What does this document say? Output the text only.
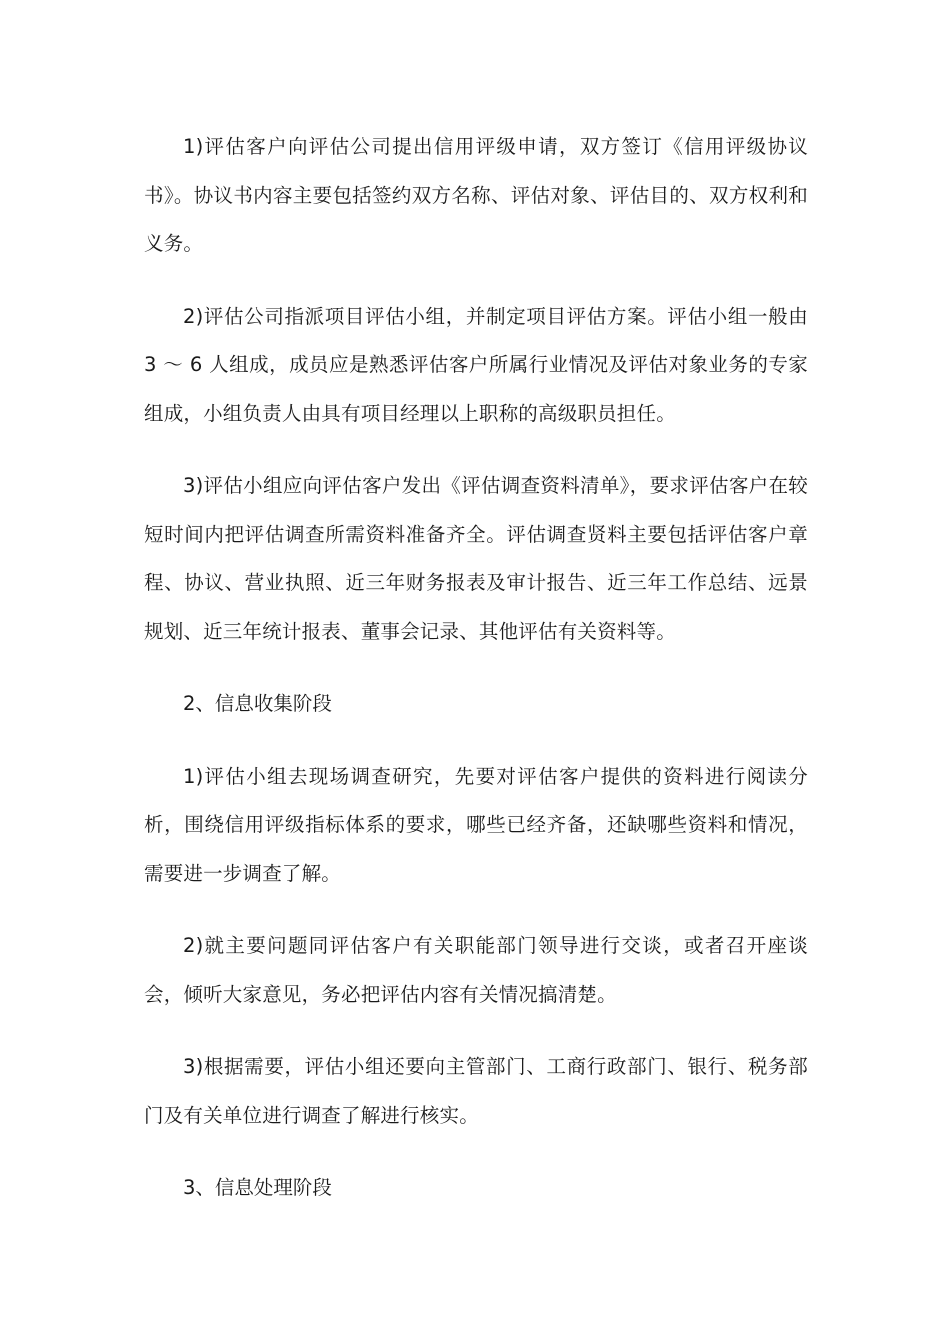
1)评估客户向评估公司提出信用评级申请，双方签订《信用评级协议书》。协议书内容主要包括签约双方名称、评估对象、评估目的、双方权利和义务。

2)评估公司指派项目评估小组，并制定项目评估方案。评估小组一般由 3 ～ 6 人组成，成员应是熟悉评估客户所属行业情况及评估对象业务的专家组成，小组负责人由具有项目经理以上职称的高级职员担任。

3)评估小组应向评估客户发出《评估调查资料清单》，要求评估客户在较短时间内把评估调查所需资料准备齐全。评估调查贤料主要包括评估客户章程、协议、营业执照、近三年财务报表及审计报告、近三年工作总结、远景规划、近三年统计报表、董事会记录、其他评估有关资料等。

2、信息收集阶段

1)评估小组去现场调查研究，先要对评估客户提供的资料进行阅读分析，围绕信用评级指标体系的要求，哪些已经齐备，还缺哪些资料和情况，需要进一步调查了解。

2)就主要问题同评估客户有关职能部门领导进行交谈，或者召开座谈会，倾听大家意见，务必把评估内容有关情况搞清楚。

3)根据需要，评估小组还要向主管部门、工商行政部门、银行、税务部门及有关单位进行调查了解进行核实。

3、信息处理阶段
